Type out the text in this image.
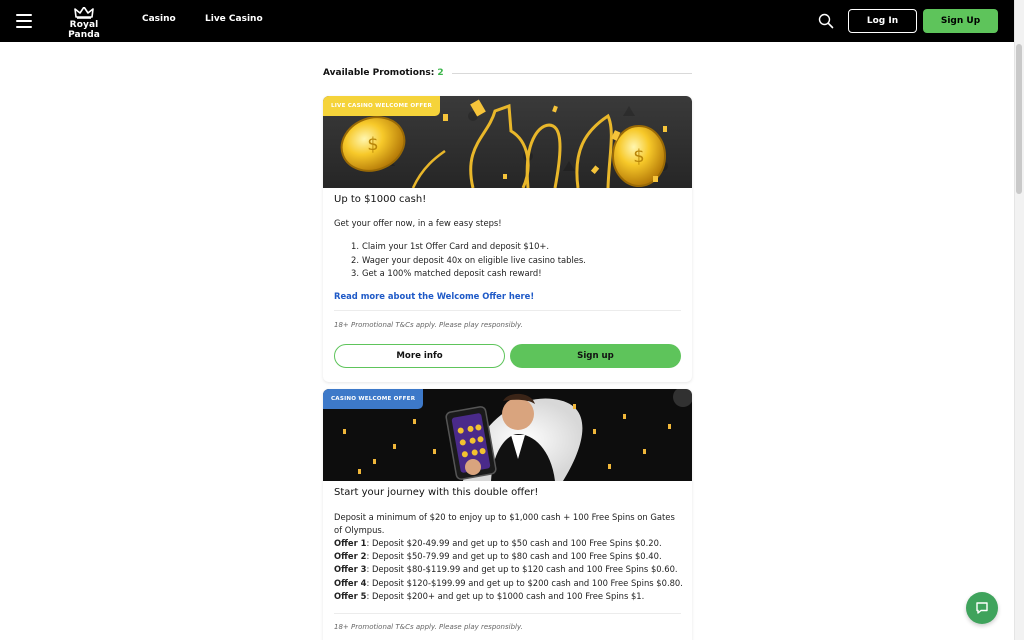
Royal Panda
Casino	Live Casino	Log In	Sign Up
Available Promotions: 2
$
$
LIVE CASINO WELCOME OFFER
Up to $1000 cash!
Get your offer now, in a few easy steps!
1. Claim your 1st Offer Card and deposit $10+.
2. Wager your deposit 40x on eligible live casino tables.
3. Get a 100% matched deposit cash reward!
Read more about the Welcome Offer here!
18+ Promotional T&Cs apply. Please play responsibly.
More info	Sign up
CASINO WELCOME OFFER
Start your journey with this double offer!
Deposit a minimum of $20 to enjoy up to $1,000 cash + 100 Free Spins on Gates
of Olympus.
Offer 1: Deposit $20-49.99 and get up to $50 cash and 100 Free Spins $0.20.
Offer 2: Deposit $50-79.99 and get up to $80 cash and 100 Free Spins $0.40.
Offer 3: Deposit $80-$119.99 and get up to $120 cash and 100 Free Spins $0.60.
Offer 4: Deposit $120-$199.99 and get up to $200 cash and 100 Free Spins $0.80.
Offer 5: Deposit $200+ and get up to $1000 cash and 100 Free Spins $1.
18+ Promotional T&Cs apply. Please play responsibly.
